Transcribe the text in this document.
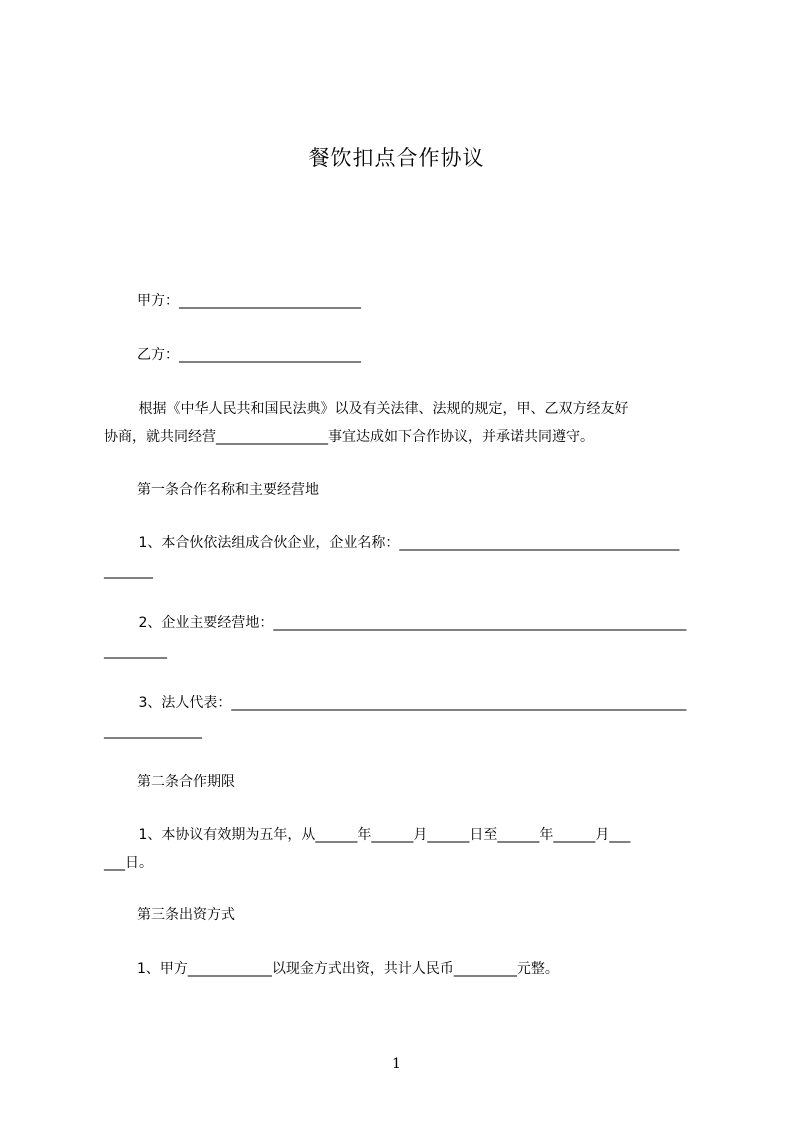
餐饮扣点合作协议
甲方：__________________________
乙方：__________________________
根据《中华人民共和国民法典》以及有关法律、法规的规定，甲、乙双方经友好
协商，就共同经营________________事宜达成如下合作协议，并承诺共同遵守。
第一条合作名称和主要经营地
1、本合伙依法组成合伙企业，企业名称：________________________________________
_______
2、企业主要经营地：___________________________________________________________
_________
3、法人代表：_________________________________________________________________
______________
第二条合作期限
1、本协议有效期为五年，从______年______月______日至______年______月___
___日。
第三条出资方式
1、甲方____________以现金方式出资，共计人民币_________元整。
1
